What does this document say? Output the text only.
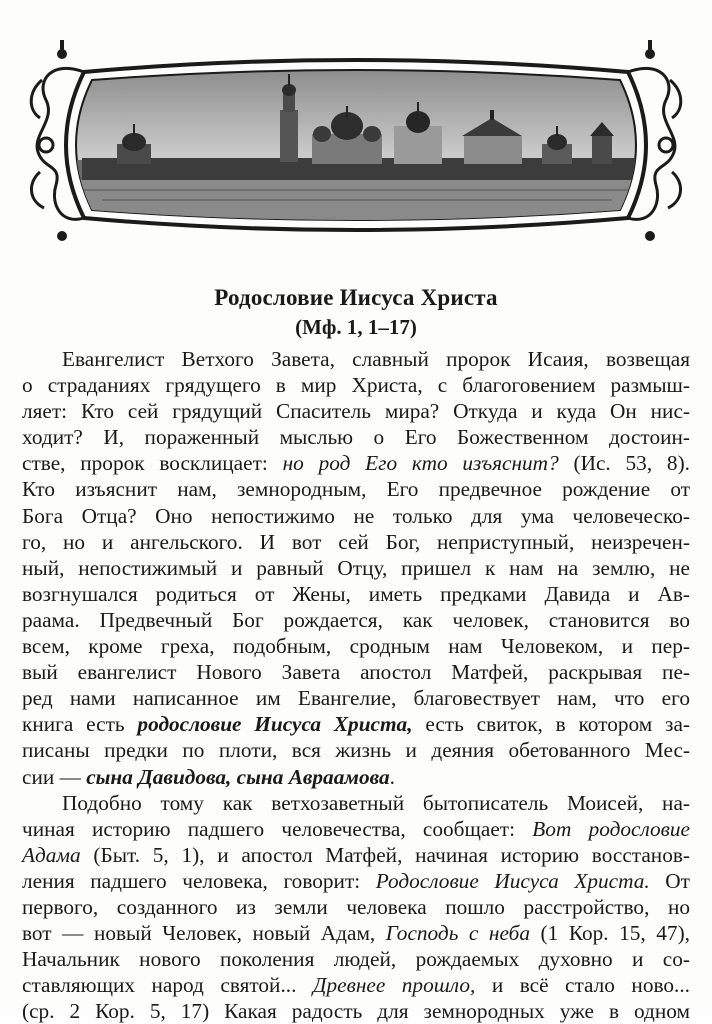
Родословие Иисуса Христа
(Мф. 1, 1–17)
Евангелист Ветхого Завета, славный пророк Исаия, возвещая
о страданиях грядущего в мир Христа, с благоговением размыш-
ляет: Кто сей грядущий Спаситель мира? Откуда и куда Он нис-
ходит? И, пораженный мыслью о Его Божественном достоин-
стве, пророк восклицает: но род Его кто изъяснит? (Ис. 53, 8).
Кто изъяснит нам, земнородным, Его предвечное рождение от
Бога Отца? Оно непостижимо не только для ума человеческо-
го, но и ангельского. И вот сей Бог, неприступный, неизречен-
ный, непостижимый и равный Отцу, пришел к нам на землю, не
возгнушался родиться от Жены, иметь предками Давида и Ав-
раама. Предвечный Бог рождается, как человек, становится во
всем, кроме греха, подобным, сродным нам Человеком, и пер-
вый евангелист Нового Завета апостол Матфей, раскрывая пе-
ред нами написанное им Евангелие, благовествует нам, что его
книга есть родословие Иисуса Христа, есть свиток, в котором за-
писаны предки по плоти, вся жизнь и деяния обетованного Мес-
сии — сына Давидова, сына Авраамова.
Подобно тому как ветхозаветный бытописатель Моисей, на-
чиная историю падшего человечества, сообщает: Вот родословие
Адама (Быт. 5, 1), и апостол Матфей, начиная историю восстанов-
ления падшего человека, говорит: Родословие Иисуса Христа. От
первого, созданного из земли человека пошло расстройство, но
вот — новый Человек, новый Адам, Господь с неба (1 Кор. 15, 47),
Начальник нового поколения людей, рождаемых духовно и со-
ставляющих народ святой... Древнее прошло, и всё стало ново...
(ср. 2 Кор. 5, 17) Какая радость для земнородных уже в одном
